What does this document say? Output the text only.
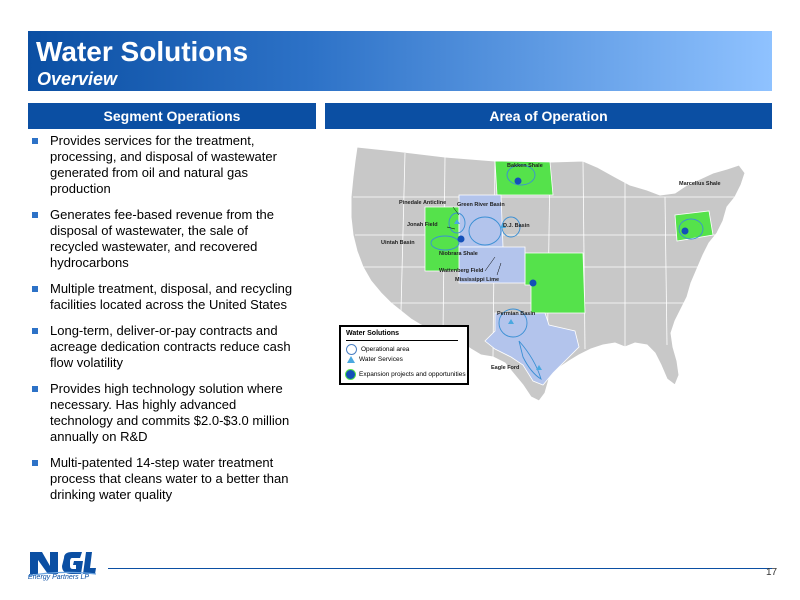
Water Solutions
Overview
Segment Operations	Area of Operation
Provides services for the treatment, processing, and disposal of wastewater generated from oil and natural gas production
Generates fee-based revenue from the disposal of wastewater, the sale of recycled wastewater, and recovered hydrocarbons
Multiple treatment, disposal, and recycling facilities located across the United States
Long-term, deliver-or-pay contracts and acreage dedication contracts reduce cash flow volatility
Provides high technology solution where necessary. Has highly advanced technology and commits $2.0-$3.0 million annually on R&D
Multi-patented 14-step water treatment process that cleans water to a better than drinking water quality
Bakken Shale
Marcellus Shale
Pinedale Anticline Green River Basin
Jonah Field	D.J. Basin
Uintah Basin
Niobrara Shale
Wattenberg Field
Mississippi Lime
Permian Basin
Eagle Ford
Water Solutions
Operational area
Water Services
Expansion projects and opportunities
Energy Partners LP	17
